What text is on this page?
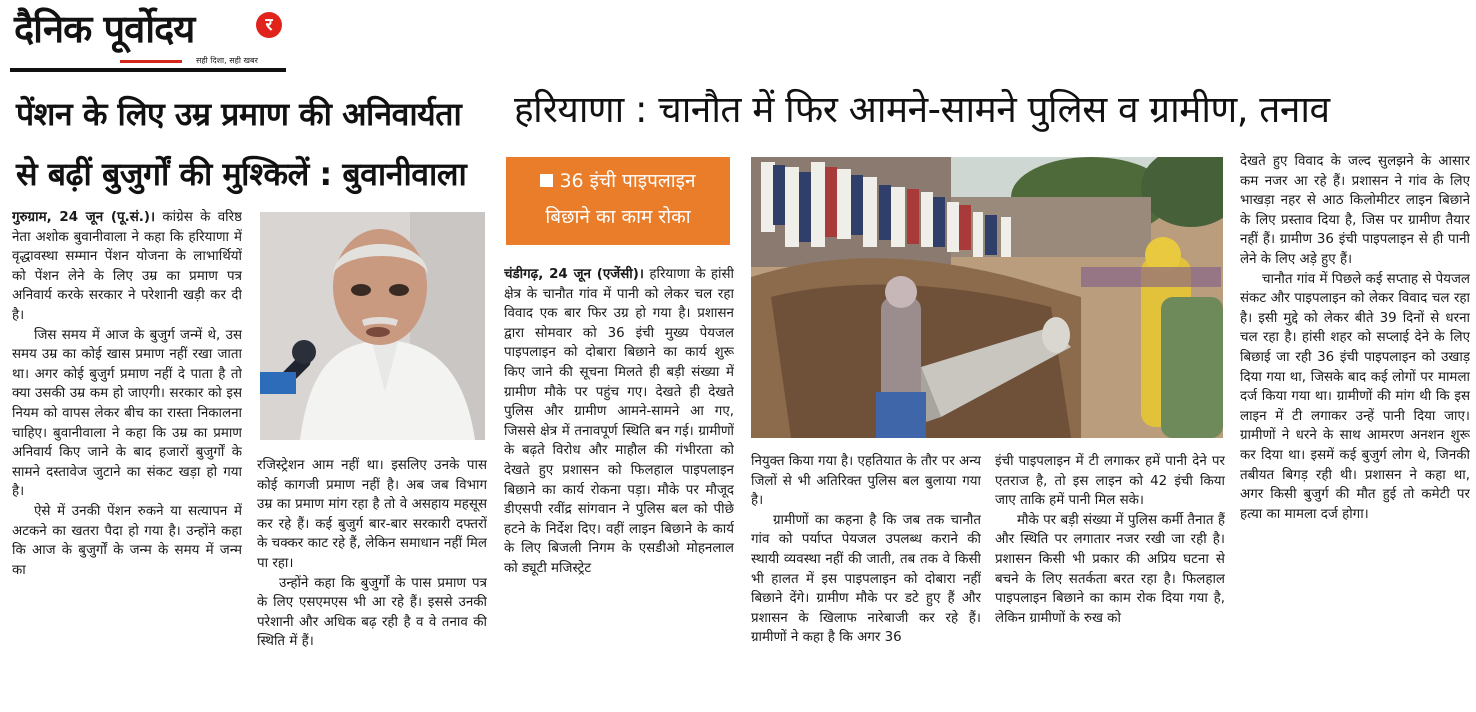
दैनिक पूर्वोदय	र
सही दिशा, सही खबर
पेंशन के लिए उम्र प्रमाण की अनिवार्यता
से बढ़ीं बुजुर्गों की मुश्किलें : बुवानीवाला
हरियाणा : चानौत में फिर आमने-सामने पुलिस व ग्रामीण, तनाव

गुरुग्राम, 24 जून (पू.सं.)। कांग्रेस के वरिष्ठ नेता अशोक बुवानीवाला ने कहा कि हरियाणा में वृद्धावस्था सम्मान पेंशन योजना के लाभार्थियों को पेंशन लेने के लिए उम्र का प्रमाण पत्र अनिवार्य करके सरकार ने परेशानी खड़ी कर दी है।

जिस समय में आज के बुजुर्ग जन्में थे, उस समय उम्र का कोई खास प्रमाण नहीं रखा जाता था। अगर कोई बुजुर्ग प्रमाण नहीं दे पाता है तो क्या उसकी उम्र कम हो जाएगी। सरकार को इस नियम को वापस लेकर बीच का रास्ता निकालना चाहिए। बुवानीवाला ने कहा कि उम्र का प्रमाण अनिवार्य किए जाने के बाद हजारों बुजुर्गों के सामने दस्तावेज जुटाने का संकट खड़ा हो गया है।

ऐसे में उनकी पेंशन रुकने या सत्यापन में अटकने का खतरा पैदा हो गया है। उन्होंने कहा कि आज के बुजुर्गों के जन्म के समय में जन्म का

रजिस्ट्रेशन आम नहीं था। इसलिए उनके पास कोई कागजी प्रमाण नहीं है। अब जब विभाग उम्र का प्रमाण मांग रहा है तो वे असहाय महसूस कर रहे हैं। कई बुजुर्ग बार-बार सरकारी दफ्तरों के चक्कर काट रहे हैं, लेकिन समाधान नहीं मिल पा रहा।

उन्होंने कहा कि बुजुर्गों के पास प्रमाण पत्र के लिए एसएमएस भी आ रहे हैं। इससे उनकी परेशानी और अधिक बढ़ रही है व वे तनाव की स्थिति में हैं।

36 इंची पाइपलाइन
बिछाने का काम रोका

चंडीगढ़, 24 जून (एजेंसी)। हरियाणा के हांसी क्षेत्र के चानौत गांव में पानी को लेकर चल रहा विवाद एक बार फिर उग्र हो गया है। प्रशासन द्वारा सोमवार को 36 इंची मुख्य पेयजल पाइपलाइन को दोबारा बिछाने का कार्य शुरू किए जाने की सूचना मिलते ही बड़ी संख्या में ग्रामीण मौके पर पहुंच गए। देखते ही देखते पुलिस और ग्रामीण आमने-सामने आ गए, जिससे क्षेत्र में तनावपूर्ण स्थिति बन गई। ग्रामीणों के बढ़ते विरोध और माहौल की गंभीरता को देखते हुए प्रशासन को फिलहाल पाइपलाइन बिछाने का कार्य रोकना पड़ा। मौके पर मौजूद डीएसपी रवींद्र सांगवान ने पुलिस बल को पीछे हटने के निर्देश दिए। वहीं लाइन बिछाने के कार्य के लिए बिजली निगम के एसडीओ मोहनलाल को ड्यूटी मजिस्ट्रेट

नियुक्त किया गया है। एहतियात के तौर पर अन्य जिलों से भी अतिरिक्त पुलिस बल बुलाया गया है।

ग्रामीणों का कहना है कि जब तक चानौत गांव को पर्याप्त पेयजल उपलब्ध कराने की स्थायी व्यवस्था नहीं की जाती, तब तक वे किसी भी हालत में इस पाइपलाइन को दोबारा नहीं बिछाने देंगे। ग्रामीण मौके पर डटे हुए हैं और प्रशासन के खिलाफ नारेबाजी कर रहे हैं। ग्रामीणों ने कहा है कि अगर 36

इंची पाइपलाइन में टी लगाकर हमें पानी देने पर एतराज है, तो इस लाइन को 42 इंची किया जाए ताकि हमें पानी मिल सके।

मौके पर बड़ी संख्या में पुलिस कर्मी तैनात हैं और स्थिति पर लगातार नजर रखी जा रही है। प्रशासन किसी भी प्रकार की अप्रिय घटना से बचने के लिए सतर्कता बरत रहा है। फिलहाल पाइपलाइन बिछाने का काम रोक दिया गया है, लेकिन ग्रामीणों के रुख को

देखते हुए विवाद के जल्द सुलझने के आसार कम नजर आ रहे हैं। प्रशासन ने गांव के लिए भाखड़ा नहर से आठ किलोमीटर लाइन बिछाने के लिए प्रस्ताव दिया है, जिस पर ग्रामीण तैयार नहीं हैं। ग्रामीण 36 इंची पाइपलाइन से ही पानी लेने के लिए अड़े हुए हैं।

चानौत गांव में पिछले कई सप्ताह से पेयजल संकट और पाइपलाइन को लेकर विवाद चल रहा है। इसी मुद्दे को लेकर बीते 39 दिनों से धरना चल रहा है। हांसी शहर को सप्लाई देने के लिए बिछाई जा रही 36 इंची पाइपलाइन को उखाड़ दिया गया था, जिसके बाद कई लोगों पर मामला दर्ज किया गया था। ग्रामीणों की मांग थी कि इस लाइन में टी लगाकर उन्हें पानी दिया जाए। ग्रामीणों ने धरने के साथ आमरण अनशन शुरू कर दिया था। इसमें कई बुजुर्ग लोग थे, जिनकी तबीयत बिगड़ रही थी। प्रशासन ने कहा था, अगर किसी बुजुर्ग की मौत हुई तो कमेटी पर हत्या का मामला दर्ज होगा।
